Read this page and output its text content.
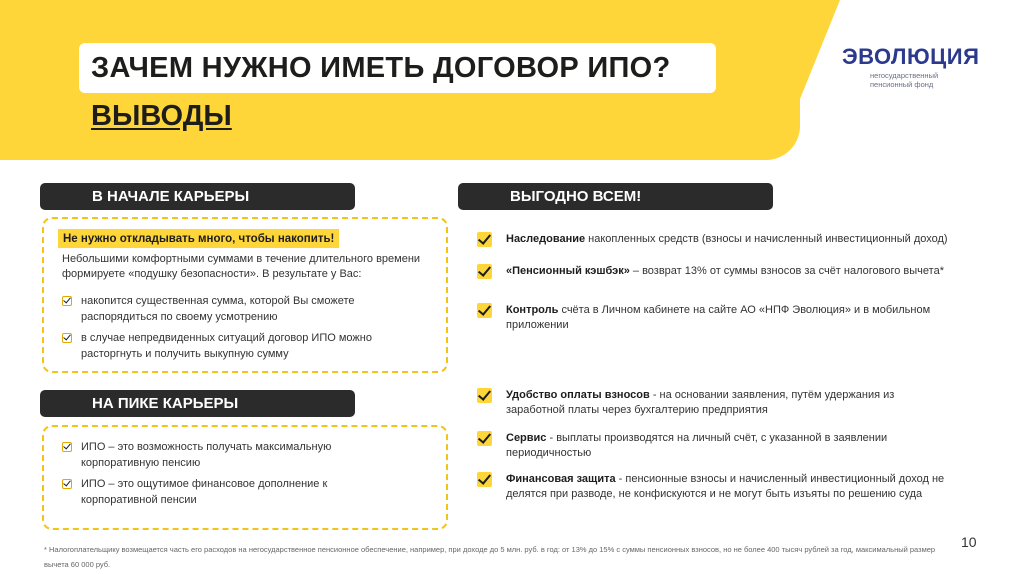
ЗАЧЕМ НУЖНО ИМЕТЬ ДОГОВОР ИПО?
ВЫВОДЫ
ЭВОЛЮЦИЯ
негосударственный
пенсионный фонд
В НАЧАЛЕ КАРЬЕРЫ
Не нужно откладывать много, чтобы накопить!
Небольшими комфортными суммами в течение длительного времени формируете «подушку безопасности». В результате у Вас:
накопится существенная сумма, которой Вы сможете распорядиться по своему усмотрению
в случае непредвиденных ситуаций договор ИПО можно расторгнуть и получить выкупную сумму
НА ПИКЕ КАРЬЕРЫ
ИПО – это возможность получать максимальную корпоративную пенсию
ИПО – это ощутимое финансовое дополнение к корпоративной пенсии
ВЫГОДНО ВСЕМ!
Наследование накопленных средств (взносы и начисленный инвестиционный доход)
«Пенсионный кэшбэк» – возврат 13% от суммы взносов за счёт налогового вычета*
Контроль счёта в Личном кабинете на сайте АО «НПФ Эволюция» и в мобильном приложении
Удобство оплаты взносов - на основании заявления, путём удержания из заработной платы через бухгалтерию предприятия
Сервис - выплаты производятся на личный счёт, с указанной в заявлении периодичностью
Финансовая защита - пенсионные взносы и начисленный инвестиционный доход не делятся при разводе, не конфискуются и не могут быть изъяты по решению суда
* Налогоплательщику возмещается часть его расходов на негосударственное пенсионное обеспечение, например, при доходе до 5 млн. руб. в год: от 13% до 15% с суммы пенсионных взносов, но не более 400 тысяч рублей за год, максимальный размер вычета 60 000 руб.
10
